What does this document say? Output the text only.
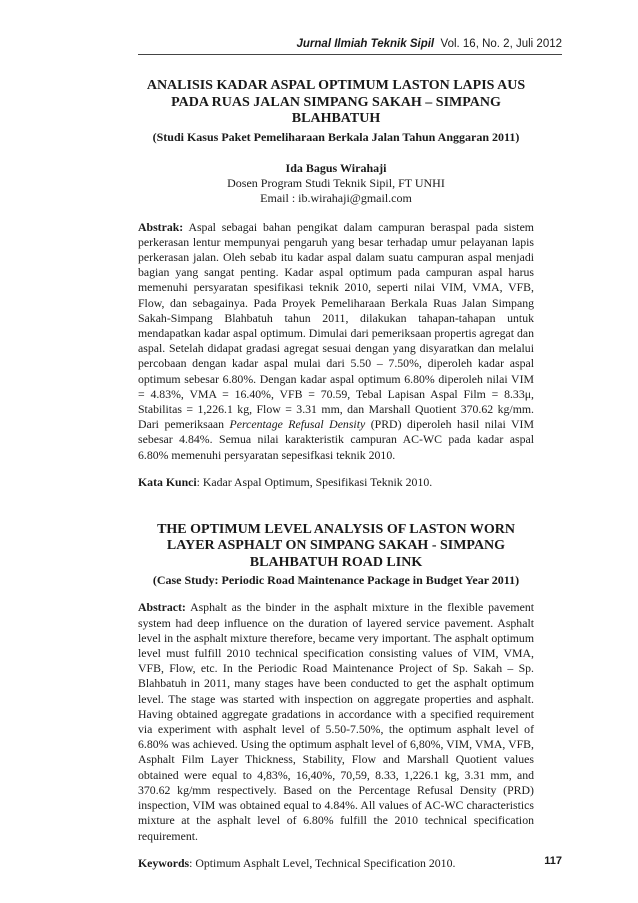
Jurnal Ilmiah Teknik Sipil Vol. 16, No. 2, Juli 2012
ANALISIS KADAR ASPAL OPTIMUM LASTON LAPIS AUS PADA RUAS JALAN SIMPANG SAKAH – SIMPANG BLAHBATUH

(Studi Kasus Paket Pemeliharaan Berkala Jalan Tahun Anggaran 2011)

Ida Bagus Wirahaji

Dosen Program Studi Teknik Sipil, FT UNHI

Email : ib.wirahaji@gmail.com

Abstrak: Aspal sebagai bahan pengikat dalam campuran beraspal pada sistem perkerasan lentur mempunyai pengaruh yang besar terhadap umur pelayanan lapis perkerasan jalan. Oleh sebab itu kadar aspal dalam suatu campuran aspal menjadi bagian yang sangat penting. Kadar aspal optimum pada campuran aspal harus memenuhi persyaratan spesifikasi teknik 2010, seperti nilai VIM, VMA, VFB, Flow, dan sebagainya. Pada Proyek Pemeliharaan Berkala Ruas Jalan Simpang Sakah-Simpang Blahbatuh tahun 2011, dilakukan tahapan-tahapan untuk mendapatkan kadar aspal optimum. Dimulai dari pemeriksaan propertis agregat dan aspal. Setelah didapat gradasi agregat sesuai dengan yang disyaratkan dan melalui percobaan dengan kadar aspal mulai dari 5.50 – 7.50%, diperoleh kadar aspal optimum sebesar 6.80%. Dengan kadar aspal optimum 6.80% diperoleh nilai VIM = 4.83%, VMA = 16.40%, VFB = 70.59, Tebal Lapisan Aspal Film = 8.33μ, Stabilitas = 1,226.1 kg, Flow = 3.31 mm, dan Marshall Quotient 370.62 kg/mm. Dari pemeriksaan Percentage Refusal Density (PRD) diperoleh hasil nilai VIM sebesar 4.84%. Semua nilai karakteristik campuran AC-WC pada kadar aspal 6.80% memenuhi persyaratan sepesifkasi teknik 2010.

Kata Kunci: Kadar Aspal Optimum, Spesifikasi Teknik 2010.

THE OPTIMUM LEVEL ANALYSIS OF LASTON WORN LAYER ASPHALT ON SIMPANG SAKAH - SIMPANG BLAHBATUH ROAD LINK

(Case Study: Periodic Road Maintenance Package in Budget Year 2011)

Abstract: Asphalt as the binder in the asphalt mixture in the flexible pavement system had deep influence on the duration of layered service pavement. Asphalt level in the asphalt mixture therefore, became very important. The asphalt optimum level must fulfill 2010 technical specification consisting values of VIM, VMA, VFB, Flow, etc. In the Periodic Road Maintenance Project of Sp. Sakah – Sp. Blahbatuh in 2011, many stages have been conducted to get the asphalt optimum level. The stage was started with inspection on aggregate properties and asphalt. Having obtained aggregate gradations in accordance with a specified requirement via experiment with asphalt level of 5.50-7.50%, the optimum asphalt level of 6.80% was achieved. Using the optimum asphalt level of 6,80%, VIM, VMA, VFB, Asphalt Film Layer Thickness, Stability, Flow and Marshall Quotient values obtained were equal to 4,83%, 16,40%, 70,59, 8.33, 1,226.1 kg, 3.31 mm, and 370.62 kg/mm respectively. Based on the Percentage Refusal Density (PRD) inspection, VIM was obtained equal to 4.84%. All values of AC-WC characteristics mixture at the asphalt level of 6.80% fulfill the 2010 technical specification requirement.

Keywords: Optimum Asphalt Level, Technical Specification 2010.	117
